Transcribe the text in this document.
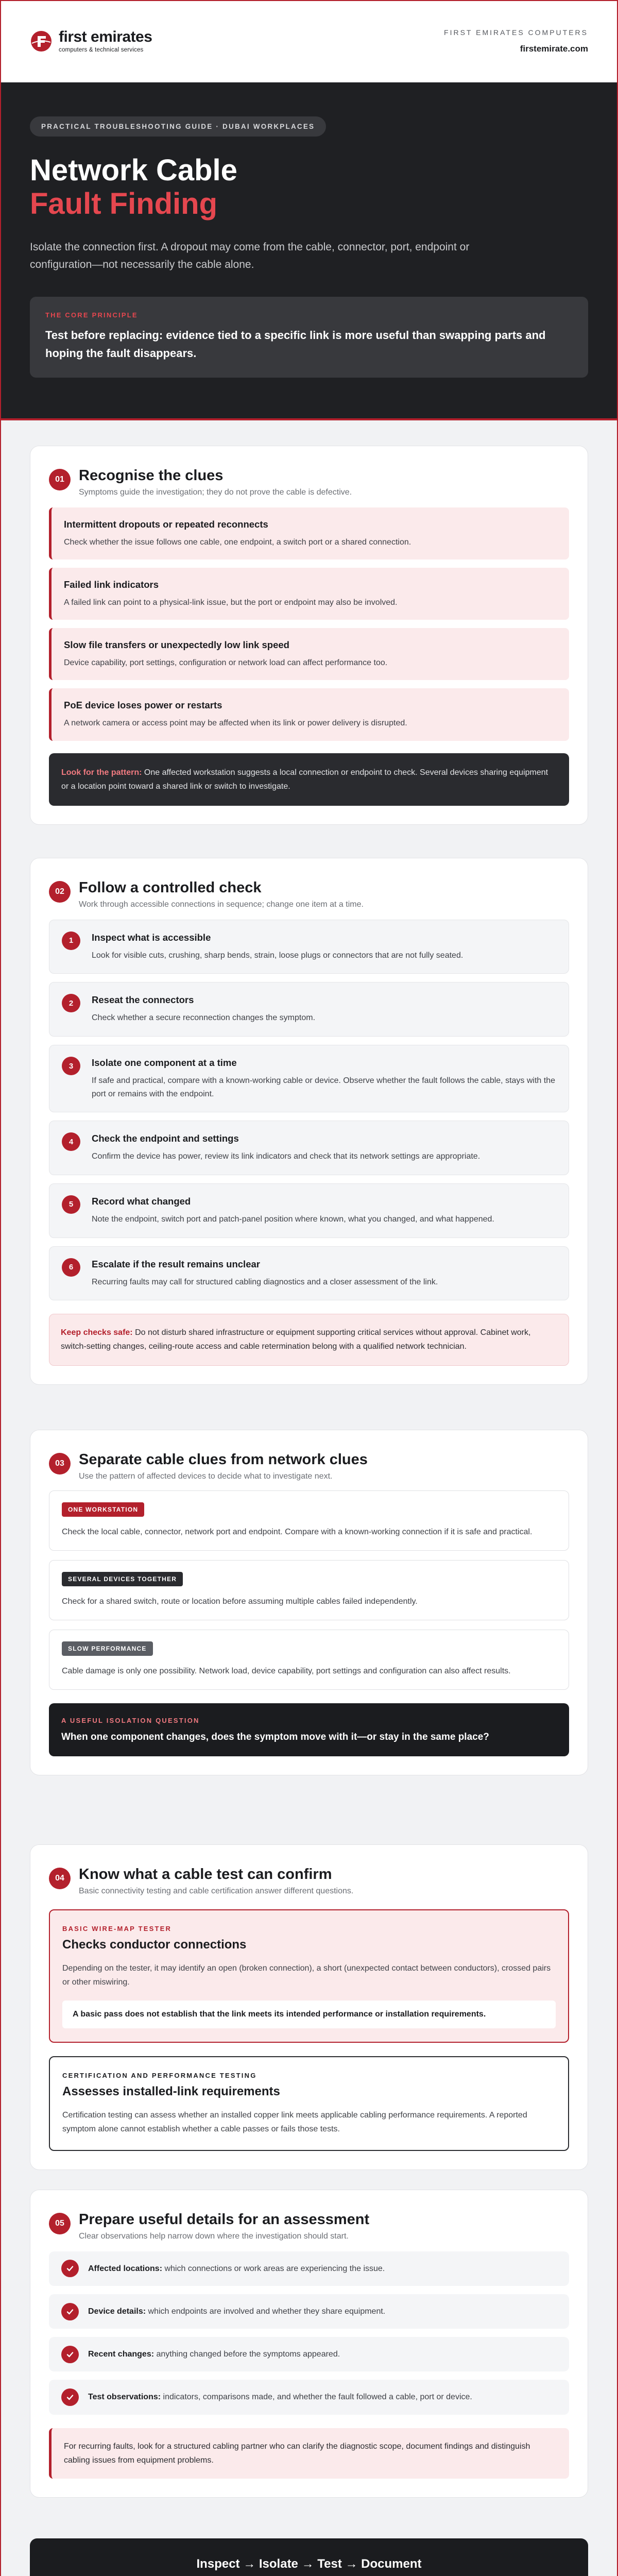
first emirates
computers & technical services
FIRST EMIRATES COMPUTERS
firstemirate.com
PRACTICAL TROUBLESHOOTING GUIDE · DUBAI WORKPLACES
Network Cable
Fault Finding

Isolate the connection first. A dropout may come from the cable, connector, port, endpoint or configuration—not necessarily the cable alone.

THE CORE PRINCIPLE
Test before replacing: evidence tied to a specific link is more useful than swapping parts and hoping the fault disappears.
01 Recognise the clues
Symptoms guide the investigation; they do not prove the cable is defective.
Intermittent dropouts or repeated reconnects
Check whether the issue follows one cable, one endpoint, a switch port or a shared connection.
Failed link indicators
A failed link can point to a physical-link issue, but the port or endpoint may also be involved.
Slow file transfers or unexpectedly low link speed
Device capability, port settings, configuration or network load can affect performance too.
PoE device loses power or restarts
A network camera or access point may be affected when its link or power delivery is disrupted.
Look for the pattern: One affected workstation suggests a local connection or endpoint to check. Several devices sharing equipment or a location point toward a shared link or switch to investigate.
02 Follow a controlled check
Work through accessible connections in sequence; change one item at a time.
1	Inspect what is accessible
Look for visible cuts, crushing, sharp bends, strain, loose plugs or connectors that are not fully seated.
2	Reseat the connectors
Check whether a secure reconnection changes the symptom.
3	Isolate one component at a time
If safe and practical, compare with a known-working cable or device. Observe whether the fault follows the cable, stays with the port or remains with the endpoint.
4	Check the endpoint and settings
Confirm the device has power, review its link indicators and check that its network settings are appropriate.
5	Record what changed
Note the endpoint, switch port and patch-panel position where known, what you changed, and what happened.
6	Escalate if the result remains unclear
Recurring faults may call for structured cabling diagnostics and a closer assessment of the link.
Keep checks safe: Do not disturb shared infrastructure or equipment supporting critical services without approval. Cabinet work, switch-setting changes, ceiling-route access and cable retermination belong with a qualified network technician.
03 Separate cable clues from network clues
Use the pattern of affected devices to decide what to investigate next.
ONE WORKSTATION
Check the local cable, connector, network port and endpoint. Compare with a known-working connection if it is safe and practical.
SEVERAL DEVICES TOGETHER
Check for a shared switch, route or location before assuming multiple cables failed independently.
SLOW PERFORMANCE
Cable damage is only one possibility. Network load, device capability, port settings and configuration can also affect results.
A USEFUL ISOLATION QUESTION
When one component changes, does the symptom move with it—or stay in the same place?
04 Know what a cable test can confirm
Basic connectivity testing and cable certification answer different questions.
BASIC WIRE-MAP TESTER
Checks conductor connections
Depending on the tester, it may identify an open (broken connection), a short (unexpected contact between conductors), crossed pairs or other miswiring.
A basic pass does not establish that the link meets its intended performance or installation requirements.
CERTIFICATION AND PERFORMANCE TESTING
Assesses installed-link requirements
Certification testing can assess whether an installed copper link meets applicable cabling performance requirements. A reported symptom alone cannot establish whether a cable passes or fails those tests.
05 Prepare useful details for an assessment
Clear observations help narrow down where the investigation should start.
Affected locations: which connections or work areas are experiencing the issue.
Device details: which endpoints are involved and whether they share equipment.
Recent changes: anything changed before the symptoms appeared.
Test observations: indicators, comparisons made, and whether the fault followed a cable, port or device.
For recurring faults, look for a structured cabling partner who can clarify the diagnostic scope, document findings and distinguish cabling issues from equipment problems.
Inspect → Isolate → Test → Document
